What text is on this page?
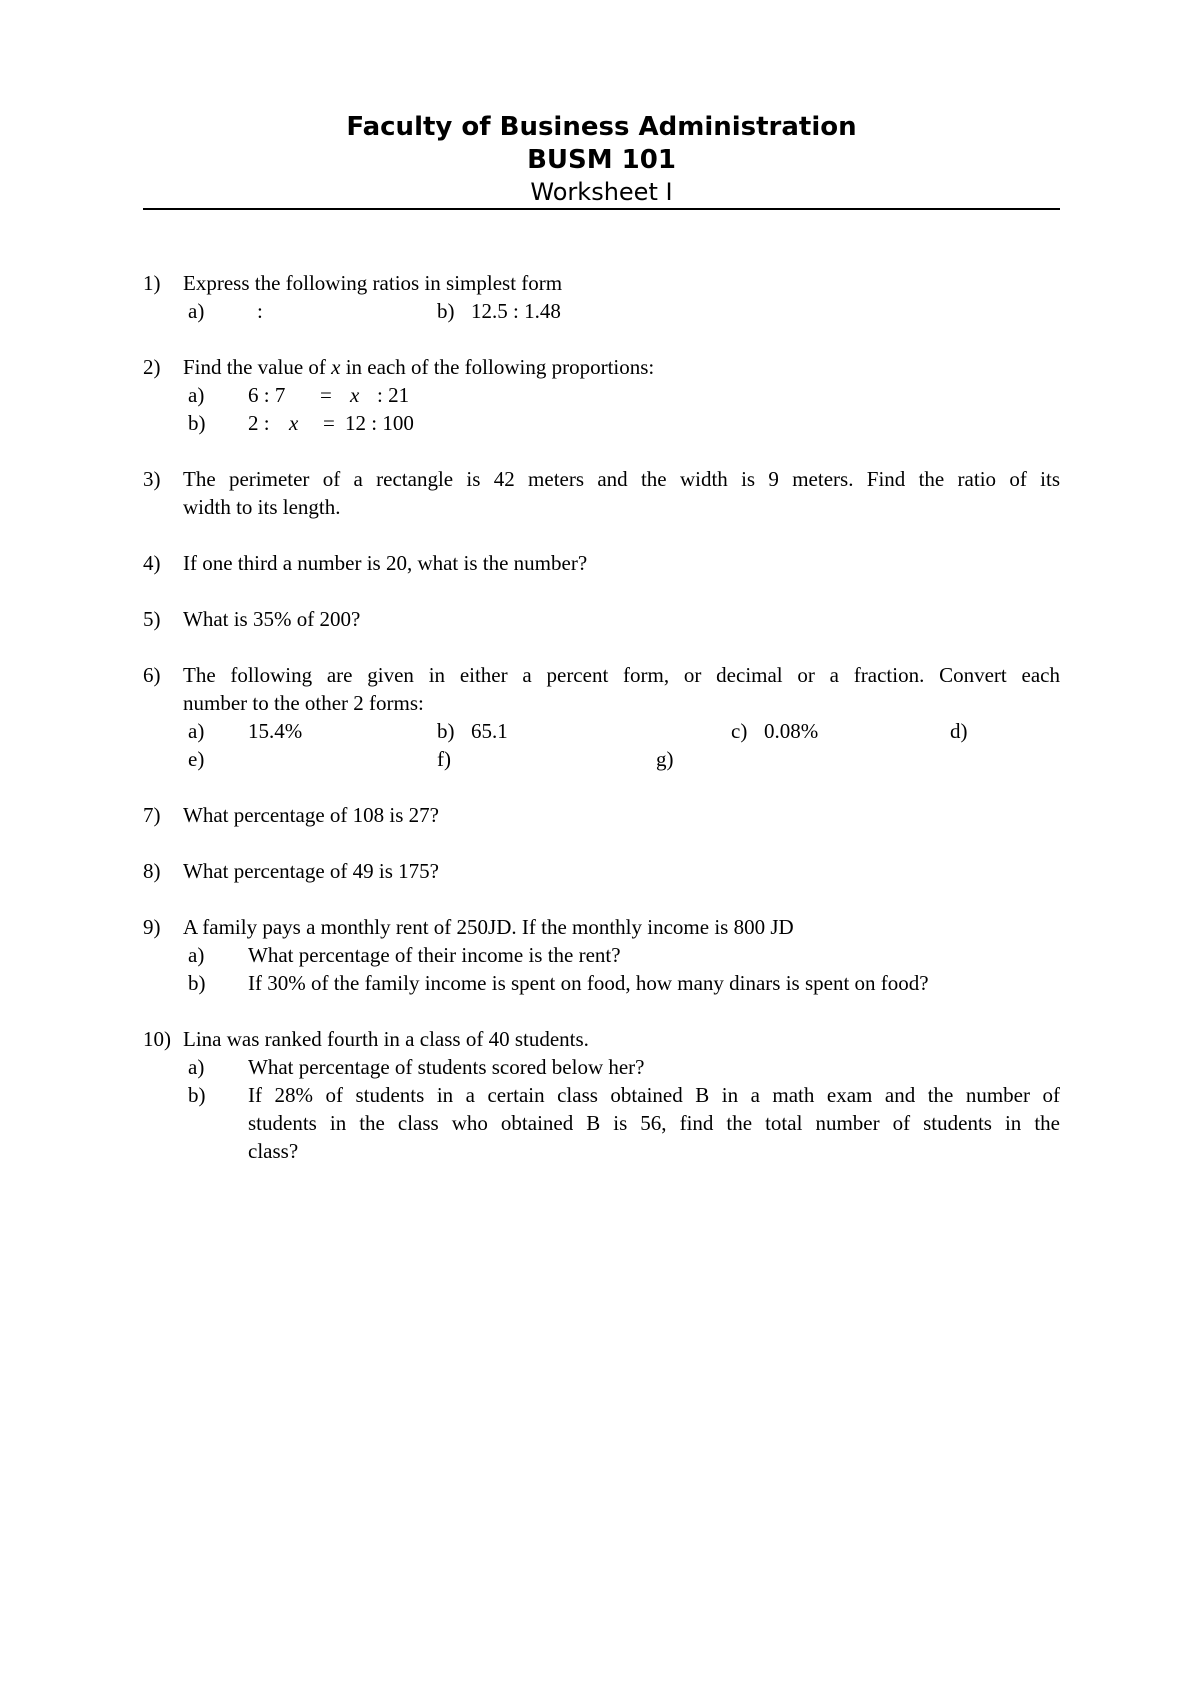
Faculty of Business Administration
BUSM 101
Worksheet I
1) Express the following ratios in simplest form
a)	:	b) 12.5 : 1.48
2) Find the value of x in each of the following proportions:
a) 6 : 7 = x : 21
b) 2 : x = 12 : 100
3) The perimeter of a rectangle is 42 meters and the width is 9 meters. Find the ratio of its
width to its length.
4) If one third a number is 20, what is the number?
5) What is 35% of 200?
6) The following are given in either a percent form, or decimal or a fraction. Convert each
number to the other 2 forms:
a) 15.4%	b) 65.1	c) 0.08%	d)
e)	f)	g)
7) What percentage of 108 is 27?
8) What percentage of 49 is 175?
9) A family pays a monthly rent of 250JD. If the monthly income is 800 JD
a) What percentage of their income is the rent?
b) If 30% of the family income is spent on food, how many dinars is spent on food?
10) Lina was ranked fourth in a class of 40 students.
a) What percentage of students scored below her?
b) If 28% of students in a certain class obtained B in a math exam and the number of
students in the class who obtained B is 56, find the total number of students in the
class?
